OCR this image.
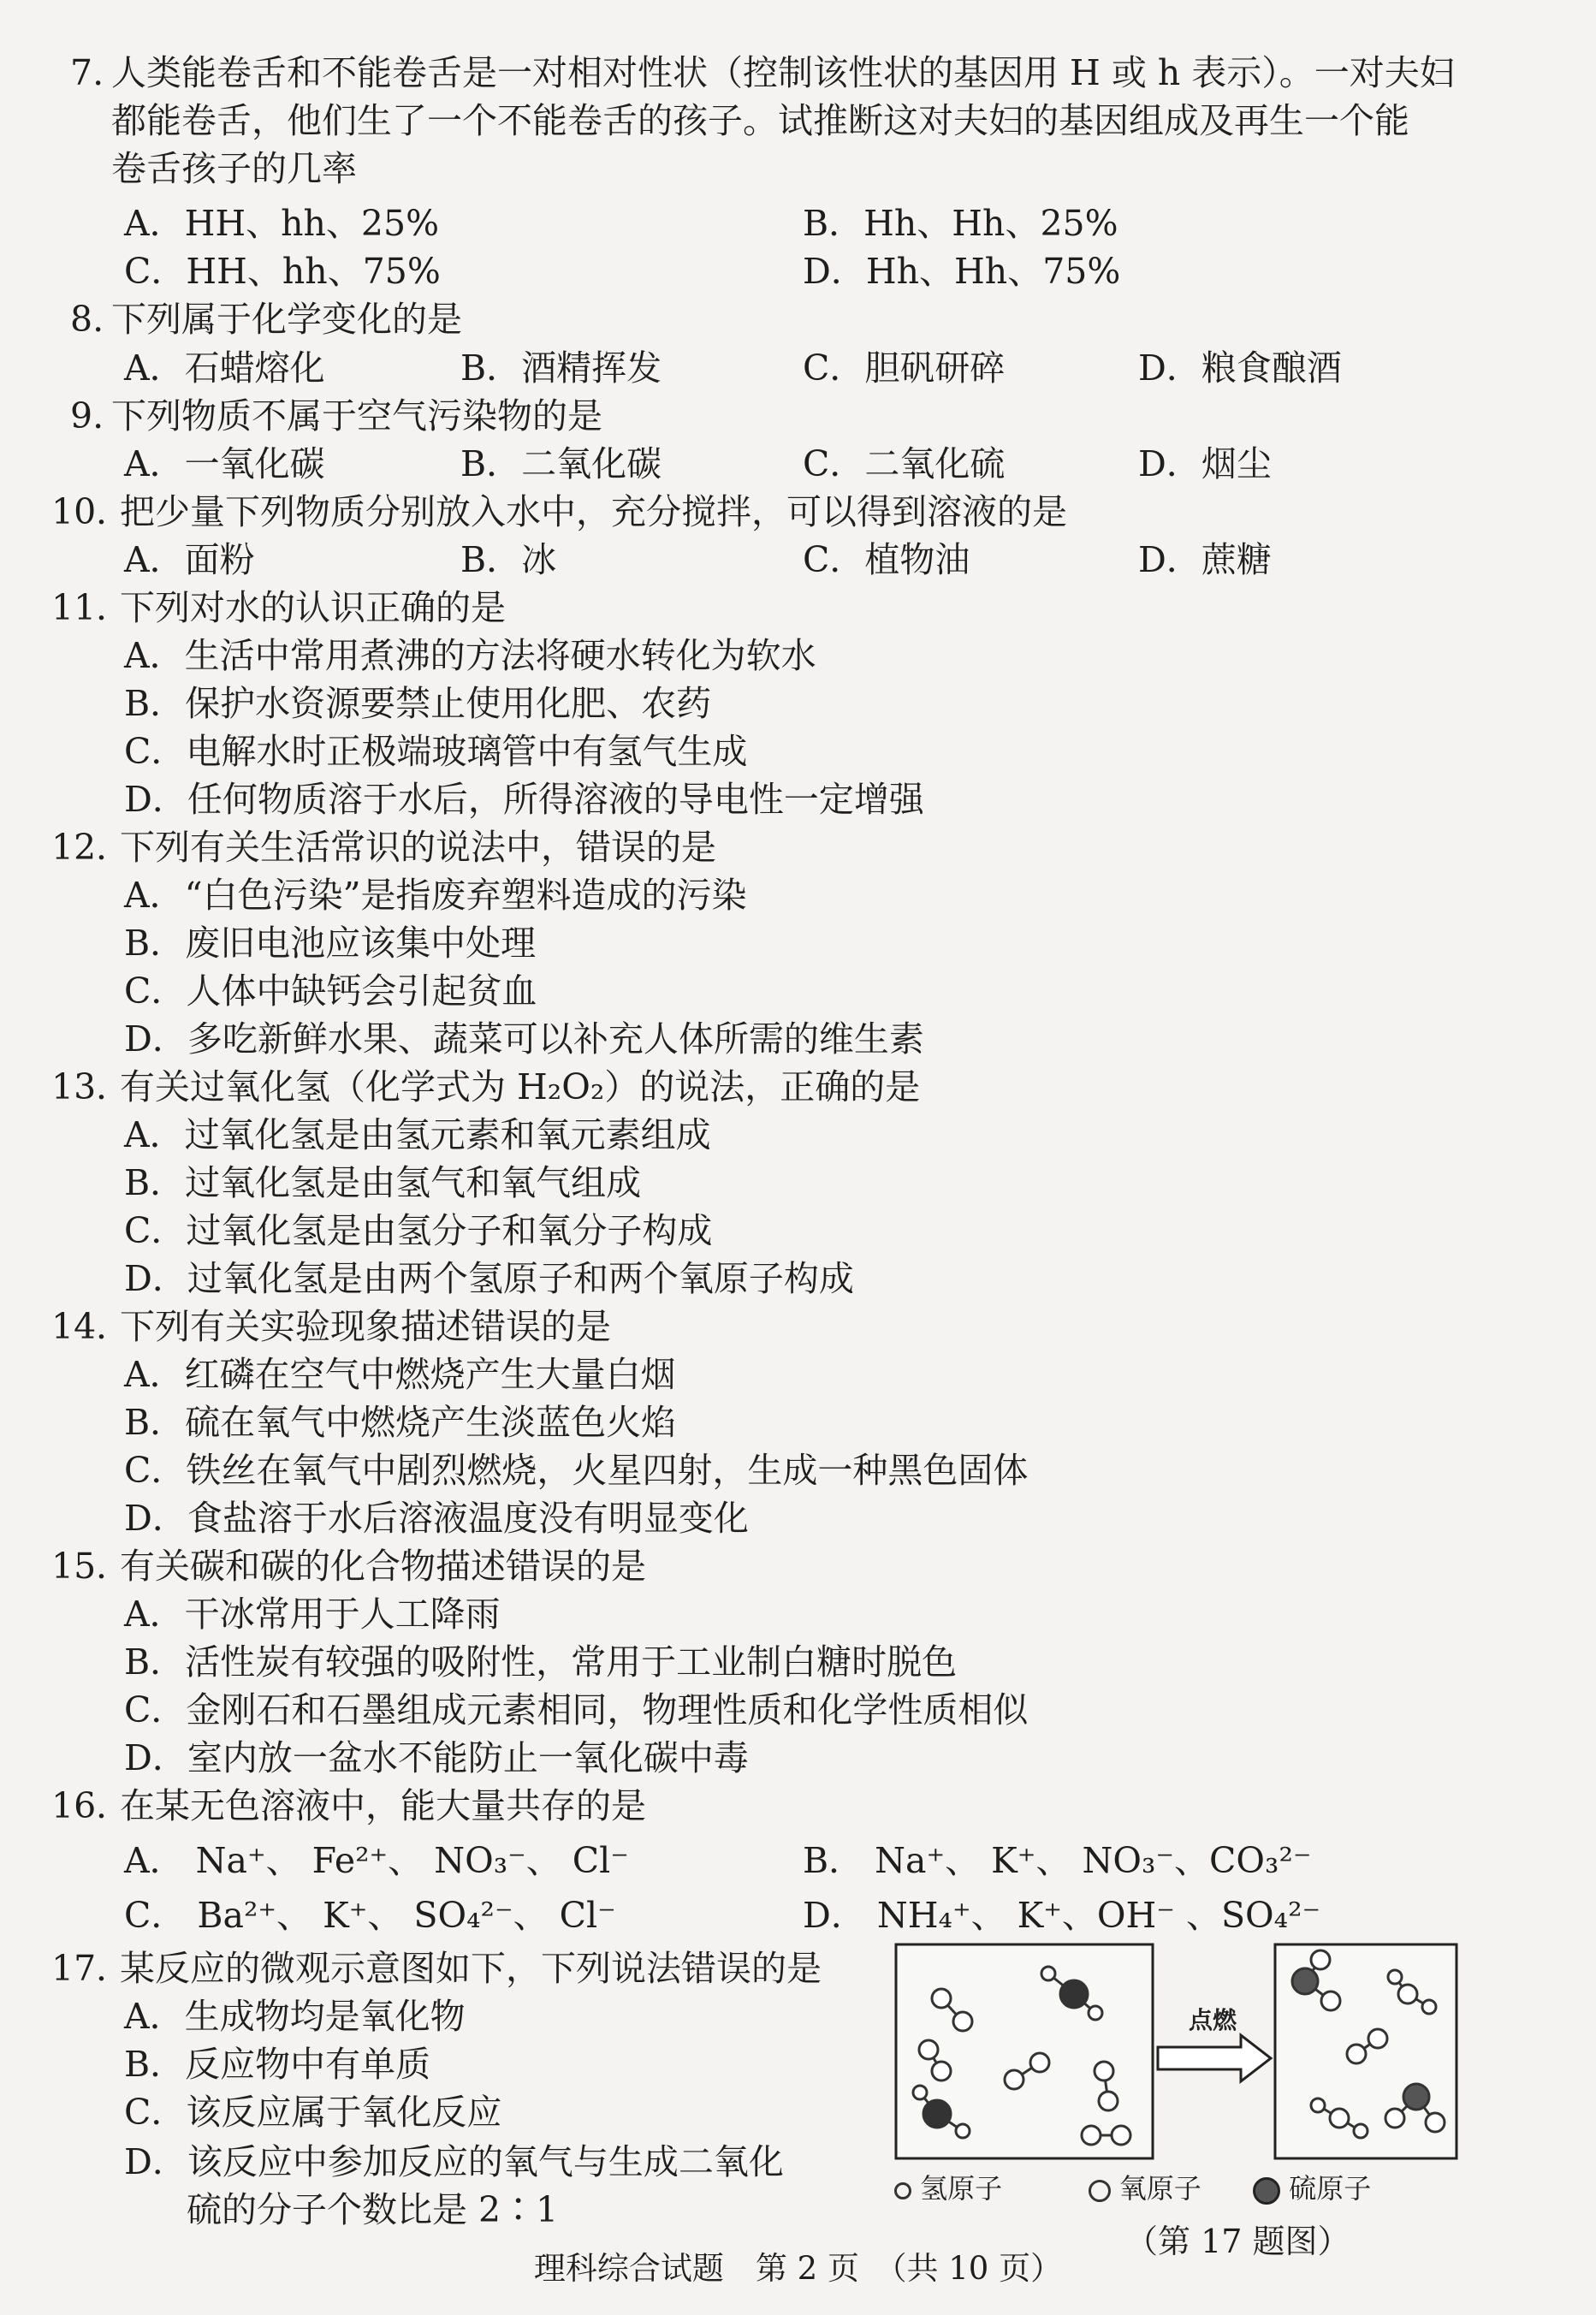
7. 人类能卷舌和不能卷舌是一对相对性状（控制该性状的基因用 H 或 h 表示）。一对夫妇
都能卷舌，他们生了一个不能卷舌的孩子。试推断这对夫妇的基因组成及再生一个能
卷舌孩子的几率
A．HH、hh、25%	B．Hh、Hh、25%
C．HH、hh、75%	D．Hh、Hh、75%
8. 下列属于化学变化的是
A．石蜡熔化	B．酒精挥发	C．胆矾研碎	D．粮食酿酒
9. 下列物质不属于空气污染物的是
A．一氧化碳	B．二氧化碳	C．二氧化硫	D．烟尘
10．
把少量下列物质分别放入水中，充分搅拌，可以得到溶液的是
A．面粉	B．冰	C．植物油	D．蔗糖
11．
下列对水的认识正确的是
A．生活中常用煮沸的方法将硬水转化为软水
B．保护水资源要禁止使用化肥、农药
C．电解水时正极端玻璃管中有氢气生成
D．任何物质溶于水后，所得溶液的导电性一定增强
12．
下列有关生活常识的说法中，错误的是
A．“白色污染”是指废弃塑料造成的污染
B．废旧电池应该集中处理
C．人体中缺钙会引起贫血
D．多吃新鲜水果、蔬菜可以补充人体所需的维生素
13．
有关过氧化氢（化学式为 H₂O₂）的说法，正确的是
A．过氧化氢是由氢元素和氧元素组成
B．过氧化氢是由氢气和氧气组成
C．过氧化氢是由氢分子和氧分子构成
D．过氧化氢是由两个氢原子和两个氧原子构成
14．
下列有关实验现象描述错误的是
A．红磷在空气中燃烧产生大量白烟
B．硫在氧气中燃烧产生淡蓝色火焰
C．铁丝在氧气中剧烈燃烧，火星四射，生成一种黑色固体
D．食盐溶于水后溶液温度没有明显变化
15．
有关碳和碳的化合物描述错误的是
A．干冰常用于人工降雨
B．活性炭有较强的吸附性，常用于工业制白糖时脱色
C．金刚石和石墨组成元素相同，物理性质和化学性质相似
D．室内放一盆水不能防止一氧化碳中毒
16．
在某无色溶液中，能大量共存的是
A． Na⁺、 Fe²⁺、 NO₃⁻、 Cl⁻	B． Na⁺、 K⁺、 NO₃⁻、CO₃²⁻
C． Ba²⁺、 K⁺、 SO₄²⁻、 Cl⁻	D． NH₄⁺、 K⁺、OH⁻ 、SO₄²⁻
17．
某反应的微观示意图如下，下列说法错误的是
A．生成物均是氧化物
B．反应物中有单质
C．该反应属于氧化反应
D．该反应中参加反应的氧气与生成二氧化
硫的分子个数比是 2∶1
点燃
氢原子	氧原子	硫原子
（第 17 题图）
理科综合试题　第 2 页　（共 10 页）
